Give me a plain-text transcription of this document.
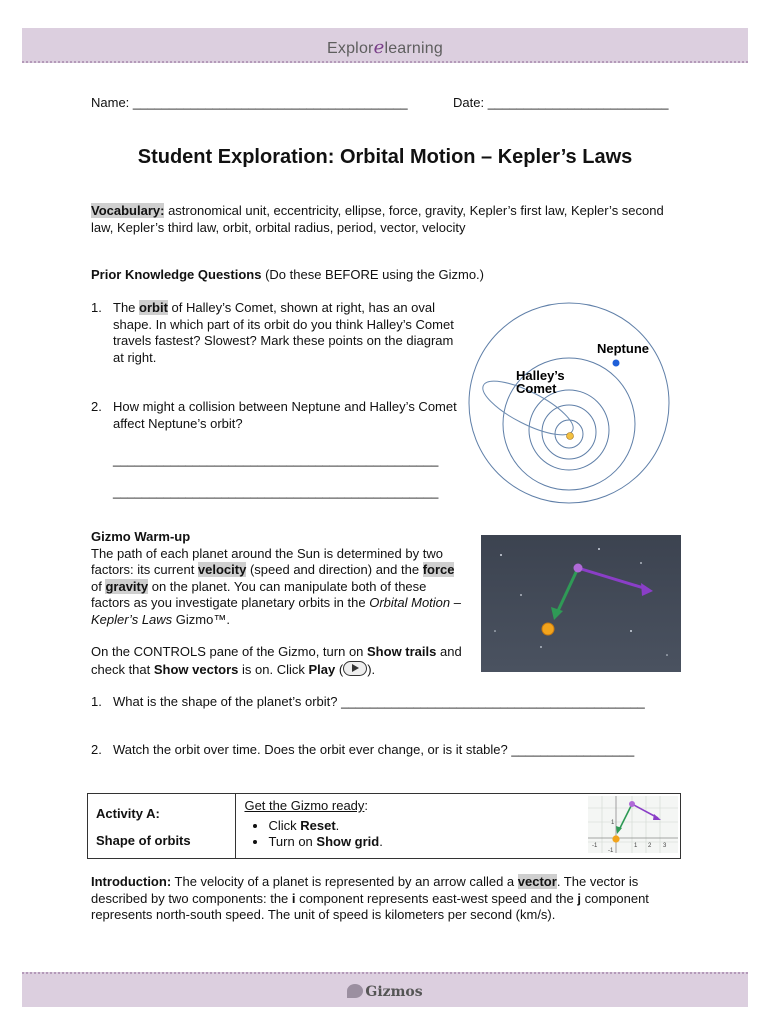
Explorelearning
Name: ______________________________________	Date: _________________________
Student Exploration: Orbital Motion – Kepler’s Laws
Vocabulary: astronomical unit, eccentricity, ellipse, force, gravity, Kepler’s first law, Kepler’s second law, Kepler’s third law, orbit, orbital radius, period, vector, velocity
Prior Knowledge Questions (Do these BEFORE using the Gizmo.)
1. The orbit of Halley’s Comet, shown at right, has an oval shape. In which part of its orbit do you think Halley’s Comet travels fastest? Slowest? Mark these points on the diagram at right.
2. How might a collision between Neptune and Halley’s Comet affect Neptune’s orbit?
_____________________________________________
_____________________________________________
Neptune
Halley’s
Comet
Gizmo Warm-up
The path of each planet around the Sun is determined by two factors: its current velocity (speed and direction) and the force of gravity on the planet. You can manipulate both of these factors as you investigate planetary orbits in the Orbital Motion – Kepler’s Laws Gizmo™.
On the CONTROLS pane of the Gizmo, turn on Show trails and check that Show vectors is on. Click Play ( ).
1. What is the shape of the planet’s orbit? __________________________________________
2. Watch the orbit over time. Does the orbit ever change, or is it stable? _________________
Activity A:
Shape of orbits

Get the Gizmo ready:
• Click Reset.
• Turn on Show grid.	-1	1 2 3
1
-1
Introduction: The velocity of a planet is represented by an arrow called a vector. The vector is described by two components: the i component represents east-west speed and the j component represents north-south speed. The unit of speed is kilometers per second (km/s).
Gizmos
